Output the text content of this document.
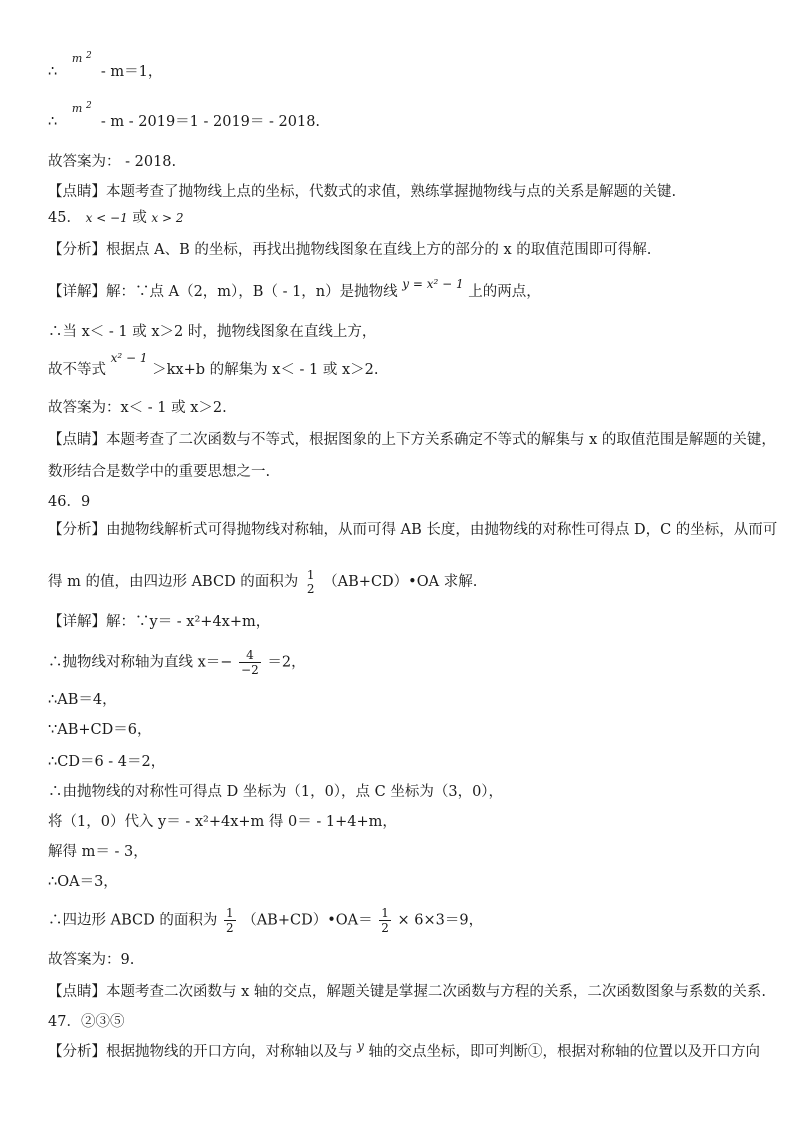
∴ $^m$ 2
- m＝1，
∴ $^m$ 2
- m - 2019＝1 - 2019＝ - 2018.
故答案为： - 2018.
【点睛】本题考查了抛物线上点的坐标，代数式的求值，熟练掌握抛物线与点的关系是解题的关键.
45． x < −1 或 x > 2
【分析】根据点 A、B 的坐标，再找出抛物线图象在直线上方的部分的 x 的取值范围即可得解.
【详解】解：∵点 A（2，m），B（ - 1，n）是抛物线 $^{y = x^2 - 1}$ 上的两点，
∴当 x＜ - 1 或 x＞2 时，抛物线图象在直线上方，
故不等式 $^{x^2 - 1}$ ＞kx+b 的解集为 x＜ - 1 或 x＞2.
故答案为：x＜ - 1 或 x＞2.
【点睛】本题考查了二次函数与不等式，根据图象的上下方关系确定不等式的解集与 x 的取值范围是解题的关键，
数形结合是数学中的重要思想之一.
46．9
【分析】由抛物线解析式可得抛物线对称轴，从而可得 AB 长度，由抛物线的对称性可得点 D，C 的坐标，从而可
得 m 的值，由四边形 ABCD 的面积为 1
2 （AB+CD）•OA 求解.
【详解】解：∵y＝ - x²+4x+m，
∴抛物线对称轴为直线 $x=- \frac{4}{-2} =2$，
∴AB＝4，
∵AB+CD＝6，
∴CD＝6 - 4＝2，
∴由抛物线的对称性可得点 D 坐标为（1，0），点 C 坐标为（3，0），
将（1，0）代入 y＝ - x²+4x+m 得 0＝ - 1+4+m，
解得 m＝ - 3，
∴OA＝3，
∴四边形 ABCD 的面积为 $\frac{1}{2}$ （AB+CD）•OA＝ $\frac{1}{2} \times 6\times 3=9$，
故答案为：9.
【点睛】本题考查二次函数与 x 轴的交点，解题关键是掌握二次函数与方程的关系，二次函数图象与系数的关系.
47．②③⑤
【分析】根据抛物线的开口方向，对称轴以及与 $^y$ 轴的交点坐标，即可判断①，根据对称轴的位置以及开口方向
